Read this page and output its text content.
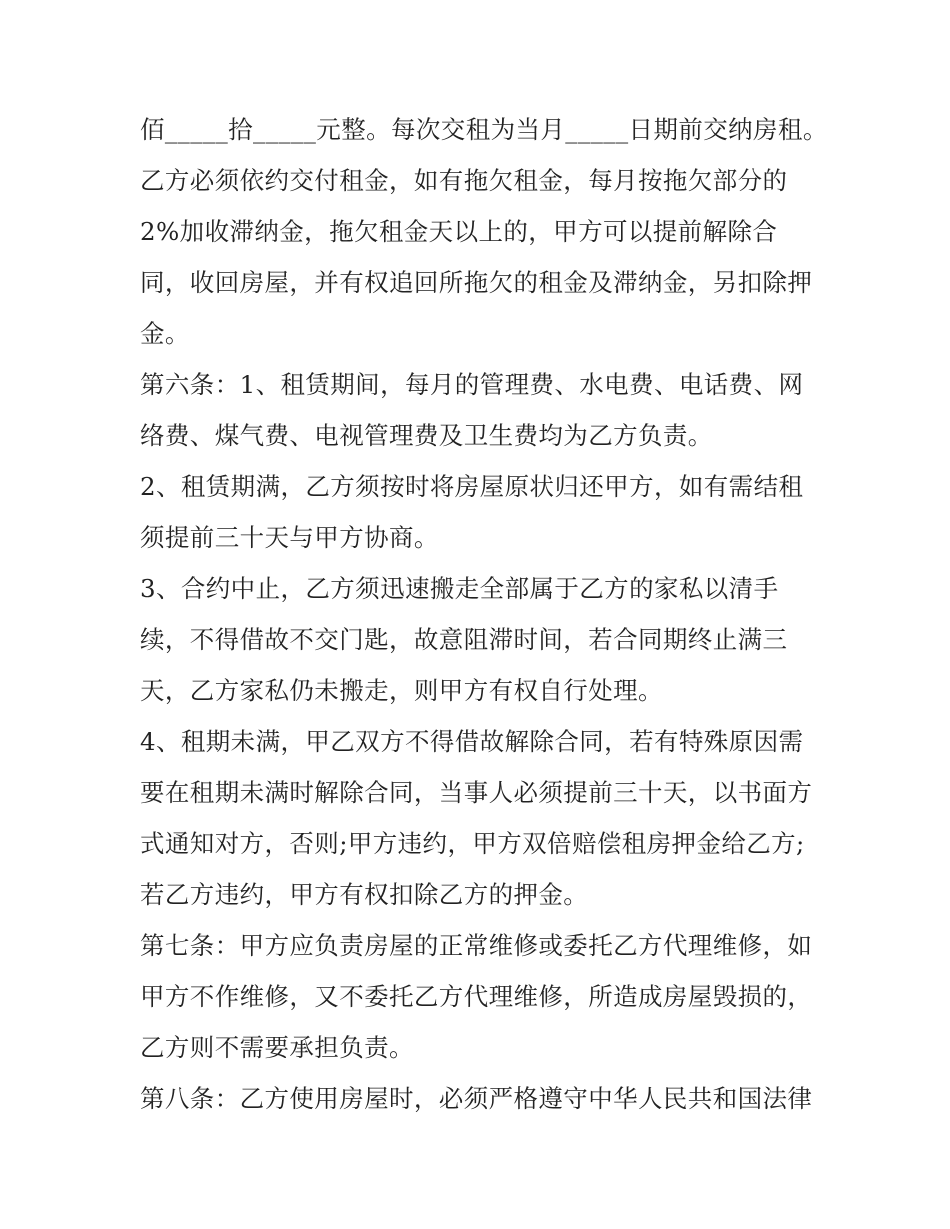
佰_____拾_____元整。每次交租为当月_____日期前交纳房租。
乙方必须依约交付租金，如有拖欠租金，每月按拖欠部分的
2%加收滞纳金，拖欠租金天以上的，甲方可以提前解除合
同，收回房屋，并有权追回所拖欠的租金及滞纳金，另扣除押
金。

第六条：1、租赁期间，每月的管理费、水电费、电话费、网
络费、煤气费、电视管理费及卫生费均为乙方负责。

2、租赁期满，乙方须按时将房屋原状归还甲方，如有需结租
须提前三十天与甲方协商。

3、合约中止，乙方须迅速搬走全部属于乙方的家私以清手
续，不得借故不交门匙，故意阻滞时间，若合同期终止满三
天，乙方家私仍未搬走，则甲方有权自行处理。

4、租期未满，甲乙双方不得借故解除合同，若有特殊原因需
要在租期未满时解除合同，当事人必须提前三十天，以书面方
式通知对方，否则;甲方违约，甲方双倍赔偿租房押金给乙方;
若乙方违约，甲方有权扣除乙方的押金。

第七条：甲方应负责房屋的正常维修或委托乙方代理维修，如
甲方不作维修，又不委托乙方代理维修，所造成房屋毁损的，
乙方则不需要承担负责。

第八条：乙方使用房屋时，必须严格遵守中华人民共和国法律
